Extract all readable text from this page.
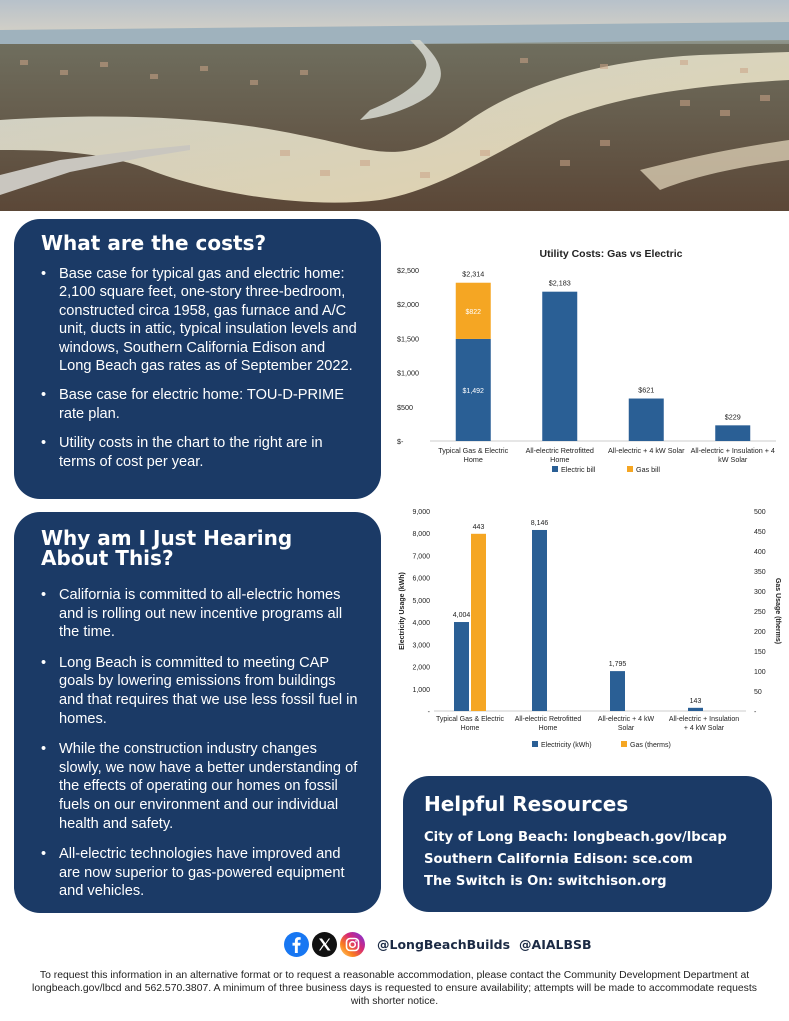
What are the costs?
• Base case for typical gas and electric home: 2,100 square feet, one-story three-bedroom, constructed circa 1958, gas furnace and A/C unit, ducts in attic, typical insulation levels and windows, Southern California Edison and Long Beach gas rates as of September 2022.
• Base case for electric home: TOU-D-PRIME rate plan.
• Utility costs in the chart to the right are in terms of cost per year.
Why am I Just Hearing
About This?
• California is committed to all-electric homes and is rolling out new incentive programs all the time.
• Long Beach is committed to meeting CAP goals by lowering emissions from buildings and that requires that we use less fossil fuel in homes.
• While the construction industry changes slowly, we now have a better understanding of the effects of operating our homes on fossil fuels on our environment and our individual health and safety.
• All-electric technologies have improved and are now superior to gas-powered equipment and vehicles.
Utility Costs: Gas vs Electric
$-
$500
$1,000
$1,500
$2,000
$2,500
$1,492
$822
$2,314
Typical Gas & Electric
Home
$2,183
All-electric Retrofitted
Home
$621
All-electric + 4 kW Solar
$229
All-electric + Insulation + 4
kW Solar
Electric bill	Gas bill
-
1,000
2,000
3,000
4,000
5,000
6,000
7,000
8,000
9,000
-
50
100
150
200
250
300
350
400
450
500
Electricity Usage (kWh)	Gas Usage (therms)
4,004
443
Typical Gas & Electric
Home
8,146
All-electric Retrofitted
Home
1,795
All-electric + 4 kW
Solar
143
All-electric + Insulation
+ 4 kW Solar
Electricity (kWh)	Gas (therms)
Helpful Resources

City of Long Beach: longbeach.gov/lbcap

Southern California Edison: sce.com

The Switch is On: switchison.org

@LongBeachBuilds @AIALBSB
To request this information in an alternative format or to request a reasonable accommodation, please contact the Community Development Department at longbeach.gov/lbcd and 562.570.3807. A minimum of three business days is requested to ensure availability; attempts will be made to accommodate requests with shorter notice.
